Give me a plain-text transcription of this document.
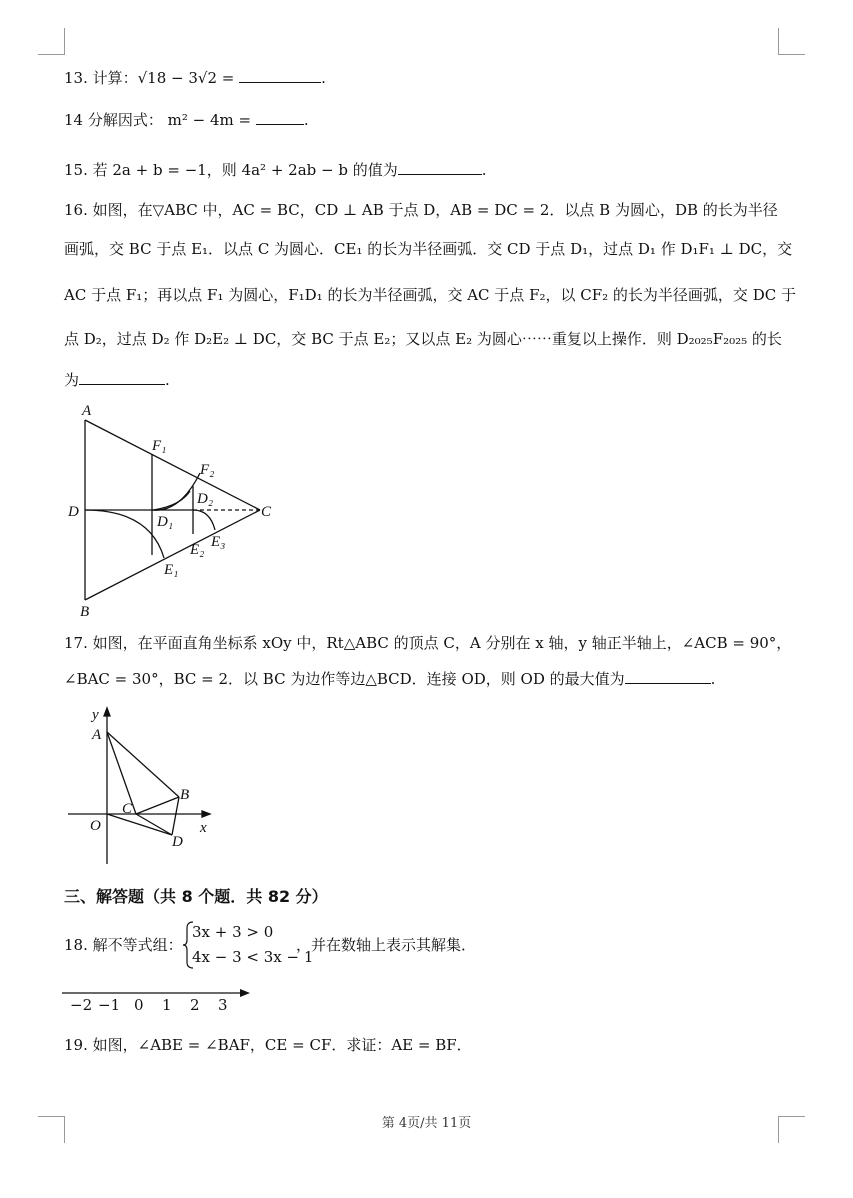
13. 计算：√18 − 3√2 =	.
14 分解因式： m² − 4m =	.
15. 若 2a + b = −1，则 4a² + 2ab − b 的值为	.
16. 如图，在▽ABC 中，AC = BC，CD ⊥ AB 于点 D，AB = DC = 2．以点 B 为圆心，DB 的长为半径
画弧，交 BC 于点 E₁．以点 C 为圆心．CE₁ 的长为半径画弧．交 CD 于点 D₁，过点 D₁ 作 D₁F₁ ⊥ DC，交
AC 于点 F₁；再以点 F₁ 为圆心，F₁D₁ 的长为半径画弧，交 AC 于点 F₂，以 CF₂ 的长为半径画弧，交 DC 于
点 D₂，过点 D₂ 作 D₂E₂ ⊥ DC，交 BC 于点 E₂；又以点 E₂ 为圆心⋯⋯重复以上操作．则 D₂₀₂₅F₂₀₂₅ 的长
为	.
A
B
C
D
F₁
F₂
D₂
D₁
E₁
E₂ E₃
17. 如图，在平面直角坐标系 xOy 中，Rt△ABC 的顶点 C，A 分别在 x 轴，y 轴正半轴上，∠ACB = 90°，
∠BAC = 30°，BC = 2．以 BC 为边作等边△BCD．连接 OD，则 OD 的最大值为	.
y
x
O
A
B
C
D
三、解答题（共 8 个题．共 82 分）
18. 解不等式组：
3x + 3 > 0
4x − 3 < 3x − 1
，并在数轴上表示其解集．
−2 −1 0 1 2 3
19. 如图，∠ABE = ∠BAF，CE = CF．求证：AE = BF．
第 4页/共 11页
